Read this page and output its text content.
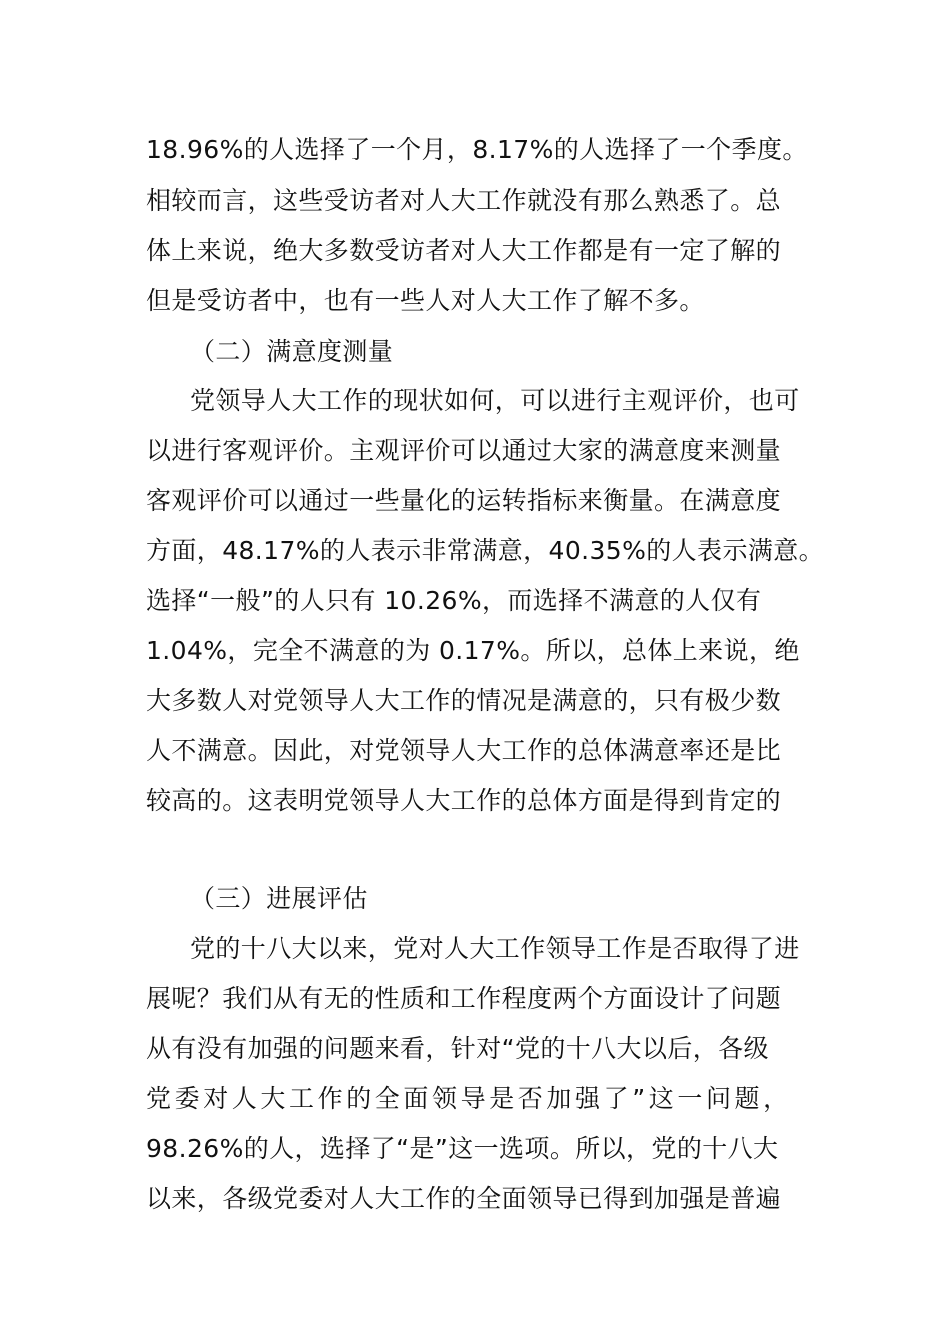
18.96%的人选择了一个月，8.17%的人选择了一个季度。
相较而言，这些受访者对人大工作就没有那么熟悉了。总
体上来说，绝大多数受访者对人大工作都是有一定了解的
但是受访者中，也有一些人对人大工作了解不多。
（二）满意度测量
党领导人大工作的现状如何，可以进行主观评价，也可
以进行客观评价。主观评价可以通过大家的满意度来测量
客观评价可以通过一些量化的运转指标来衡量。在满意度
方面，48.17%的人表示非常满意，40.35%的人表示满意。
选择“一般”的人只有 10.26%，而选择不满意的人仅有
1.04%，完全不满意的为 0.17%。所以，总体上来说，绝
大多数人对党领导人大工作的情况是满意的，只有极少数
人不满意。因此，对党领导人大工作的总体满意率还是比
较高的。这表明党领导人大工作的总体方面是得到肯定的
（三）进展评估
党的十八大以来，党对人大工作领导工作是否取得了进
展呢？我们从有无的性质和工作程度两个方面设计了问题
从有没有加强的问题来看，针对“党的十八大以后，各级
党委对人大工作的全面领导是否加强了”这一问题，
98.26%的人，选择了“是”这一选项。所以，党的十八大
以来，各级党委对人大工作的全面领导已得到加强是普遍
